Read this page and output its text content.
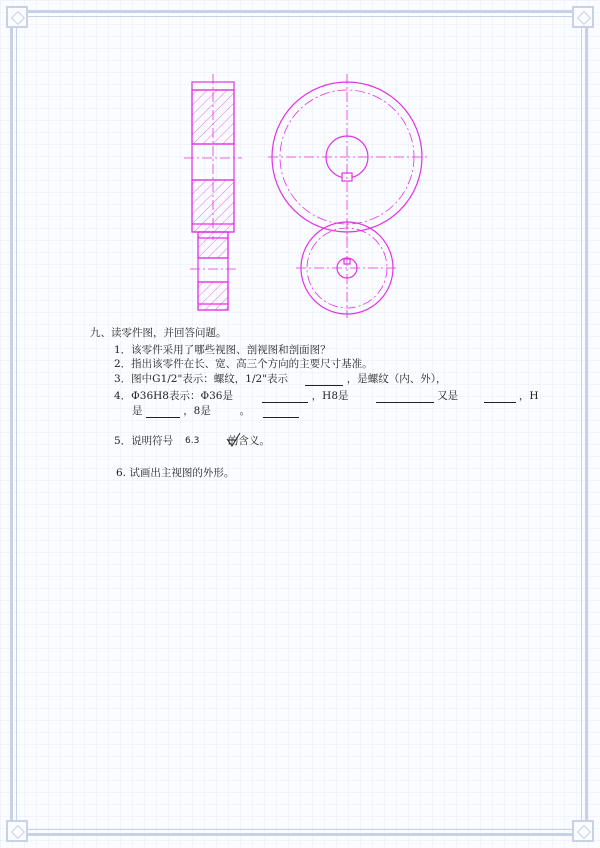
九、读零件图，并回答问题。
1．该零件采用了哪些视图、剖视图和剖面图？
2．指出该零件在长、宽、高三个方向的主要尺寸基准。
3．图中G1/2"表示：螺纹，1/2"表示	，是螺纹（内、外），
4．Φ36H8表示：Φ36是	，H8是	又是	，H
是	，8是	。
5．说明符号	的含义。
6.3
6. 试画出主视图的外形。
